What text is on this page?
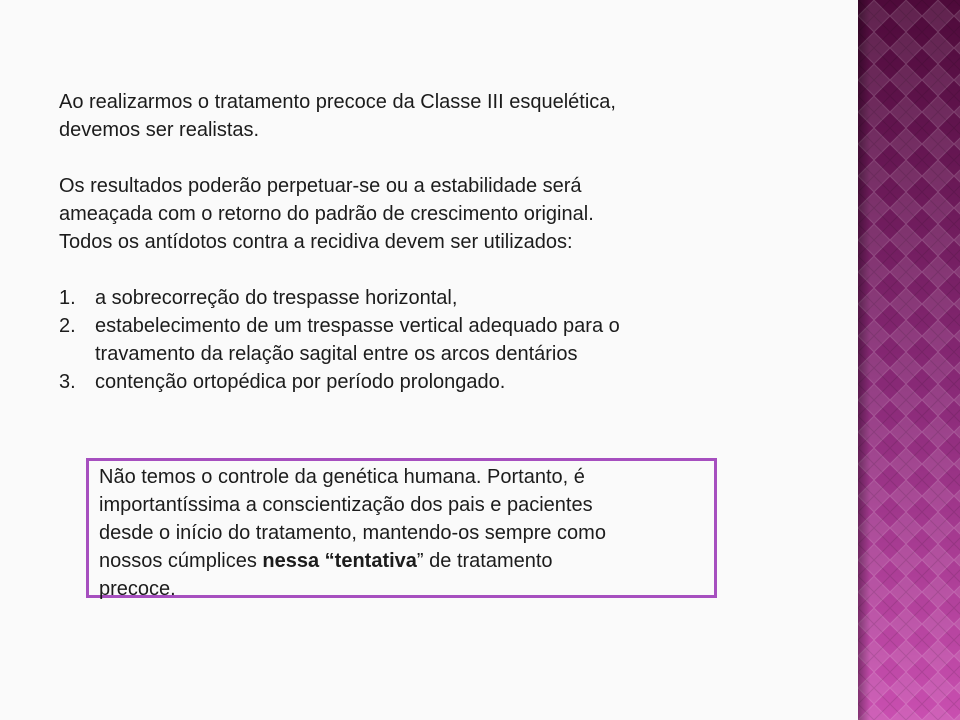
Ao realizarmos o tratamento precoce da Classe III esquelética,
devemos ser realistas.

Os resultados poderão perpetuar-se ou a estabilidade será
ameaçada com o retorno do padrão de crescimento original.
Todos os antídotos contra a recidiva devem ser utilizados:

1. a sobrecorreção do trespasse horizontal,
2. estabelecimento de um trespasse vertical adequado para o
travamento da relação sagital entre os arcos dentários
3. contenção ortopédica por período prolongado.

Não temos o controle da genética humana. Portanto, é
importantíssima a conscientização dos pais e pacientes
desde o início do tratamento, mantendo-os sempre como
nossos cúmplices nessa “tentativa” de tratamento
precoce.
